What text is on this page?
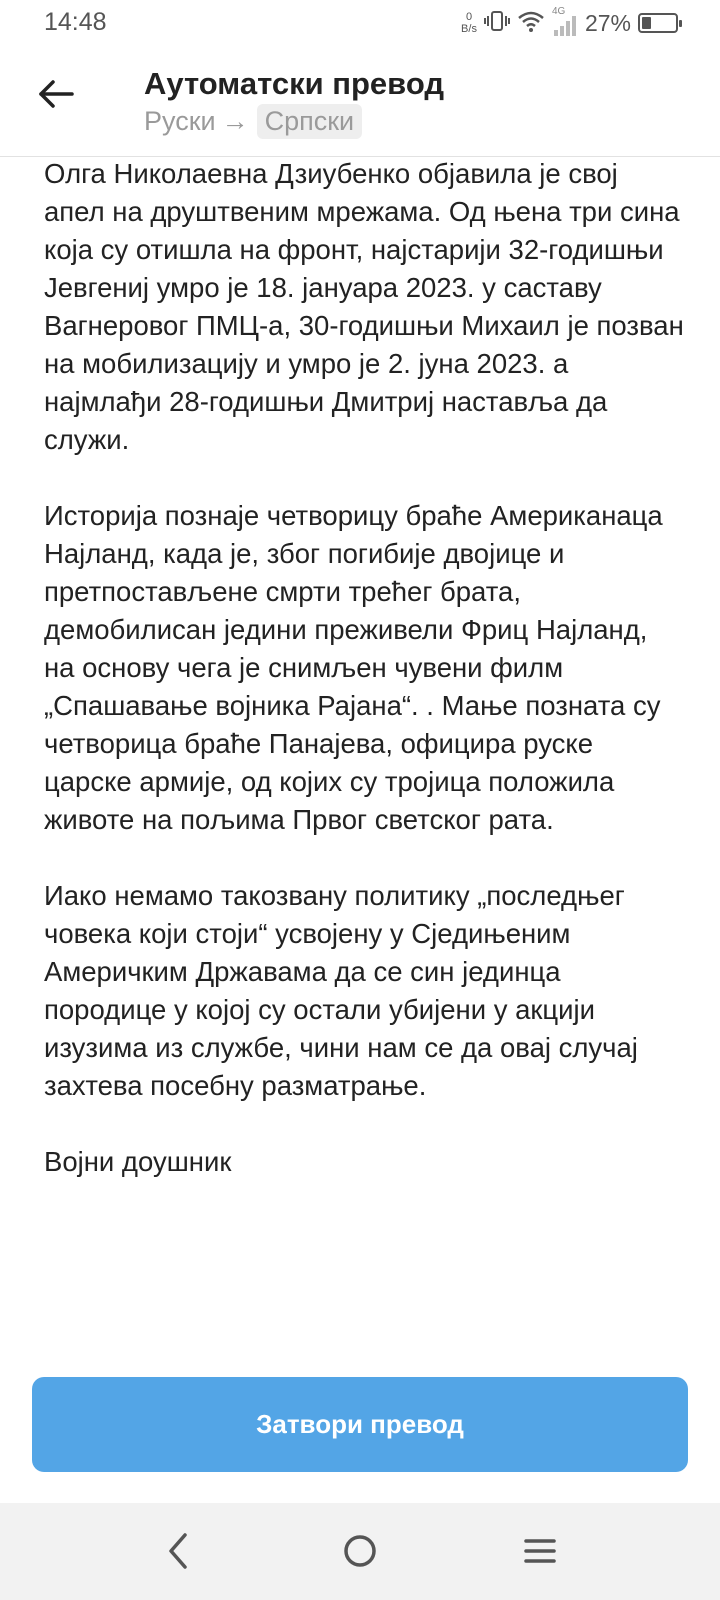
14:48	0
B/s
4G 27%
Аутоматски превод
Руски → Српски

Олга Николаевна Дзиубенко објавила је свој апел на друштвеним мрежама. Од њена три сина која су отишла на фронт, најстарији 32-годишњи Јевгениј умро је 18. јануара 2023. у саставу Вагнеровог ПМЦ-а, 30-годишњи Михаил је позван на мобилизацију и умро је 2. јуна 2023. а најмлађи 28-годишњи Дмитриј наставља да служи.

Историја познаје четворицу браће Американаца Најланд, када је, због погибије двојице и претпостављене смрти трећег брата, демобилисан једини преживели Фриц Најланд, на основу чега је снимљен чувени филм „Спашавање војника Рајана“. . Мање позната су четворица браће Панајева, официра руске царске армије, од којих су тројица положила животе на пољима Првог светског рата.

Иако немамо такозвану политику „последњег човека који стоји“ усвојену у Сједињеним Америчким Државама да се син јединца породице у којој су остали убијени у акцији изузима из службе, чини нам се да овај случај захтева посебну разматрање.

Војни доушник

Затвори превод
